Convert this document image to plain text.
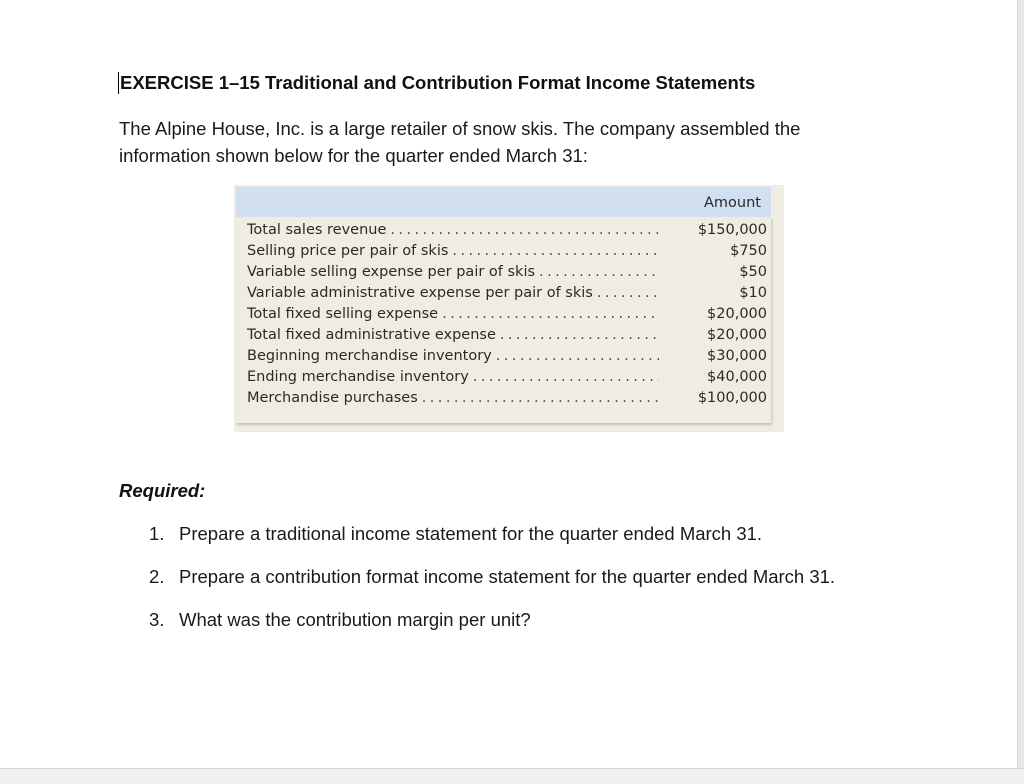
EXERCISE 1–15 Traditional and Contribution Format Income Statements
The Alpine House, Inc. is a large retailer of snow skis. The company assembled the information shown below for the quarter ended March 31:
Amount
Total sales revenue . . .	$150,000
Selling price per pair of skis . . .	$750
Variable selling expense per pair of skis . . .	$50
Variable administrative expense per pair of skis . . .	$10
Total fixed selling expense . . .	$20,000
Total fixed administrative expense . . .	$20,000
Beginning merchandise inventory . . .	$30,000
Ending merchandise inventory . . .	$40,000
Merchandise purchases . . .	$100,000
Required:
1. Prepare a traditional income statement for the quarter ended March 31.
2. Prepare a contribution format income statement for the quarter ended March 31.
3. What was the contribution margin per unit?
